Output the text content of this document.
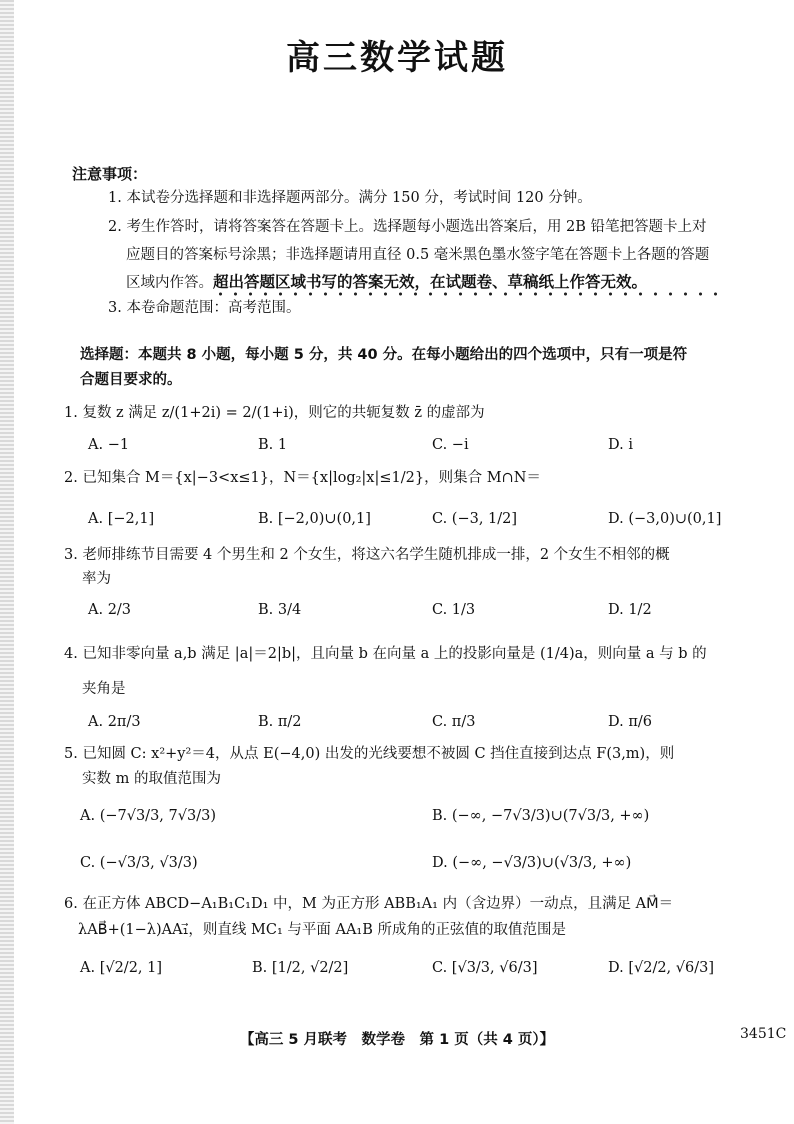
高三数学试题
注意事项：
1. 本试卷分选择题和非选择题两部分。满分 150 分，考试时间 120 分钟。
2. 考生作答时，请将答案答在答题卡上。选择题每小题选出答案后，用 2B 铅笔把答题卡上对
应题目的答案标号涂黑；非选择题请用直径 0.5 毫米黑色墨水签字笔在答题卡上各题的答题
区域内作答。超出答题区域书写的答案无效，在试题卷、草稿纸上作答无效。
3. 本卷命题范围：高考范围。
选择题：本题共 8 小题，每小题 5 分，共 40 分。在每小题给出的四个选项中，只有一项是符
合题目要求的。
1. 复数 z 满足 z/(1+2i) = 2/(1+i)，则它的共轭复数 z̄ 的虚部为
A. −1	B. 1	C. −i	D. i
2. 已知集合 M＝{x|−3<x≤1}，N＝{x|log₂|x|≤1/2}，则集合 M∩N＝
A. [−2,1]	B. [−2,0)∪(0,1]	C. (−3, 1/2]	D. (−3,0)∪(0,1]
3. 老师排练节目需要 4 个男生和 2 个女生，将这六名学生随机排成一排，2 个女生不相邻的概
率为
A. 2/3	B. 3/4	C. 1/3	D. 1/2
4. 已知非零向量 a,b 满足 |a|＝2|b|，且向量 b 在向量 a 上的投影向量是 (1/4)a，则向量 a 与 b 的
夹角是
A. 2π/3	B. π/2	C. π/3	D. π/6
5. 已知圆 C: x²+y²＝4，从点 E(−4,0) 出发的光线要想不被圆 C 挡住直接到达点 F(3,m)，则
实数 m 的取值范围为
A. (−7√3/3, 7√3/3)	B. (−∞, −7√3/3)∪(7√3/3, +∞)
C. (−√3/3, √3/3)	D. (−∞, −√3/3)∪(√3/3, +∞)
6. 在正方体 ABCD−A₁B₁C₁D₁ 中，M 为正方形 ABB₁A₁ 内（含边界）一动点，且满足 AM⃗＝
λAB⃗+(1−λ)AA₁⃗，则直线 MC₁ 与平面 AA₁B 所成角的正弦值的取值范围是
A. [√2/2, 1]	B. [1/2, √2/2]	C. [√3/3, √6/3]	D. [√2/2, √6/3]
【高三 5 月联考　数学卷　第 1 页（共 4 页）】	3451C
